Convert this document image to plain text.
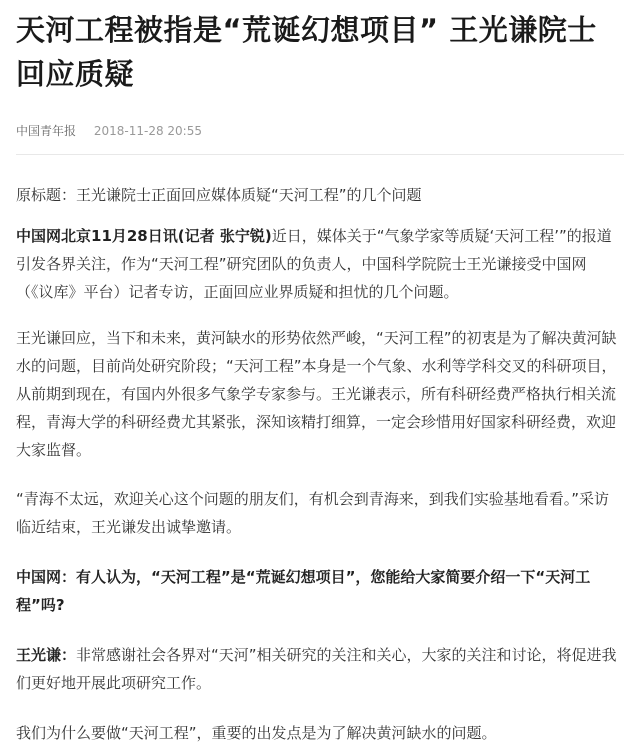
天河工程被指是“荒诞幻想项目” 王光谦院士回应质疑
中国青年报 2018-11-28 20:55

原标题：王光谦院士正面回应媒体质疑“天河工程”的几个问题

中国网北京11月28日讯(记者 张宁锐)近日，媒体关于“气象学家等质疑‘天河工程’”的报道引发各界关注，作为“天河工程”研究团队的负责人，中国科学院院士王光谦接受中国网（《议库》平台）记者专访，正面回应业界质疑和担忧的几个问题。

王光谦回应，当下和未来，黄河缺水的形势依然严峻，“天河工程”的初衷是为了解决黄河缺水的问题，目前尚处研究阶段；“天河工程”本身是一个气象、水利等学科交叉的科研项目，从前期到现在，有国内外很多气象学专家参与。王光谦表示，所有科研经费严格执行相关流程，青海大学的科研经费尤其紧张，深知该精打细算，一定会珍惜用好国家科研经费，欢迎大家监督。

“青海不太远，欢迎关心这个问题的朋友们，有机会到青海来，到我们实验基地看看。”采访临近结束，王光谦发出诚挚邀请。

中国网：有人认为，“天河工程”是“荒诞幻想项目”，您能给大家简要介绍一下“天河工程”吗?

王光谦：非常感谢社会各界对“天河”相关研究的关注和关心，大家的关注和讨论，将促进我们更好地开展此项研究工作。

我们为什么要做“天河工程”，重要的出发点是为了解决黄河缺水的问题。
